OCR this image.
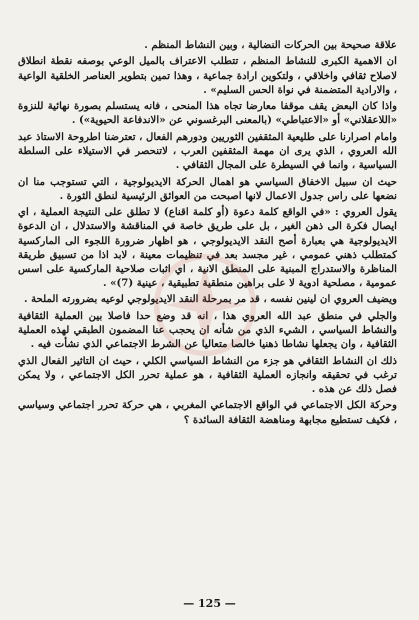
علاقة صحيحة بين الحركات النضالية ، وبين النشاط المنظم .

ان الاهمية الكبرى للنشاط المنظم ، تتطلب الاعتراف بالميل الوعي بوصفه نقطة انطلاق لاصلاح ثقافي واخلاقي ، ولتكوين ارادة جماعية ، وهذا تمين بتطوير العناصر الخلقية الواعية ، والارادية المتضمنة في نواة الحس السليم» .

واذا كان البعض يقف موقفا معارضا تجاه هذا المنحى ، فانه يستسلم بصورة نهائية للنزوة «اللاعقلاني» أو «الاعتباطي» (بالمعنى البرغسوني عن «الاندفاعة الحيوية») .

وامام اصرارنا على طليعية المثقفين الثوريين ودورهم الفعال ، تعترضنا اطروحة الاستاذ عبد الله العروي ، الذي يرى ان مهمة المثقفين العرب ، لاتنحصر في الاستيلاء على السلطة السياسية ، وانما في السيطرة على المجال الثقافي .

حيث ان سبيل الاخفاق السياسي هو اهمال الحركة الايديولوجية ، التي تستوجب منا ان نضعها على راس جدول الاعمال لانها اصبحت من العوائق الرئيسية لنطق الثورة .

يقول العروي : «في الواقع كلمة دعوة (أو كلمة اقناع) لا تطلق على النتيجة العملية ، اي ايصال فكرة الى ذهن الغير ، بل على طريق خاصة في المناقشة والاستدلال ، ان الدعوة الايديولوجية هي بعبارة أصح النقد الايديولوجي ، هو اظهار ضرورة اللجوء الى الماركسية كمتطلب ذهني عمومي ، غير مجسد بعد في تنظيمات معينة ، لابد اذا من تسبيق طريقة المناظرة والاستدراج المبنية على المنطق الانية ، اي اثبات صلاحية الماركسية على اسس عمومية ، مصلحية ادوية لا على براهين منطقية تطبيقية ، عينية (7)» .

ويضيف العروي ان لينين نفسه ، قد مر بمرحلة النقد الايديولوجي لوعيه بضرورته الملحة .

والجلي في منطق عبد الله العروي هذا ، انه قد وضع حدا فاصلا بين العملية الثقافية والنشاط السياسي ، الشيء الذي من شأنه ان يحجب عنا المضمون الطبقي لهذه العملية الثقافية ، وان يجعلها نشاطا ذهنيا خالصا متعاليا عن الشرط الاجتماعي الذي نشأت فيه .

ذلك ان النشاط الثقافي هو جزء من النشاط السياسي الكلي ، حيث ان التاثير الفعال الذي ترغب في تحقيقه وانجازه العملية الثقافية ، هو عملية تحرر الكل الاجتماعي ، ولا يمكن فصل ذلك عن هذه .

وحركة الكل الاجتماعي في الواقع الاجتماعي المغربي ، هي حركة تحرر اجتماعي وسياسي ، فكيف تستطيع مجابهة ومناهضة الثقافة السائدة ؟

— 125 —
